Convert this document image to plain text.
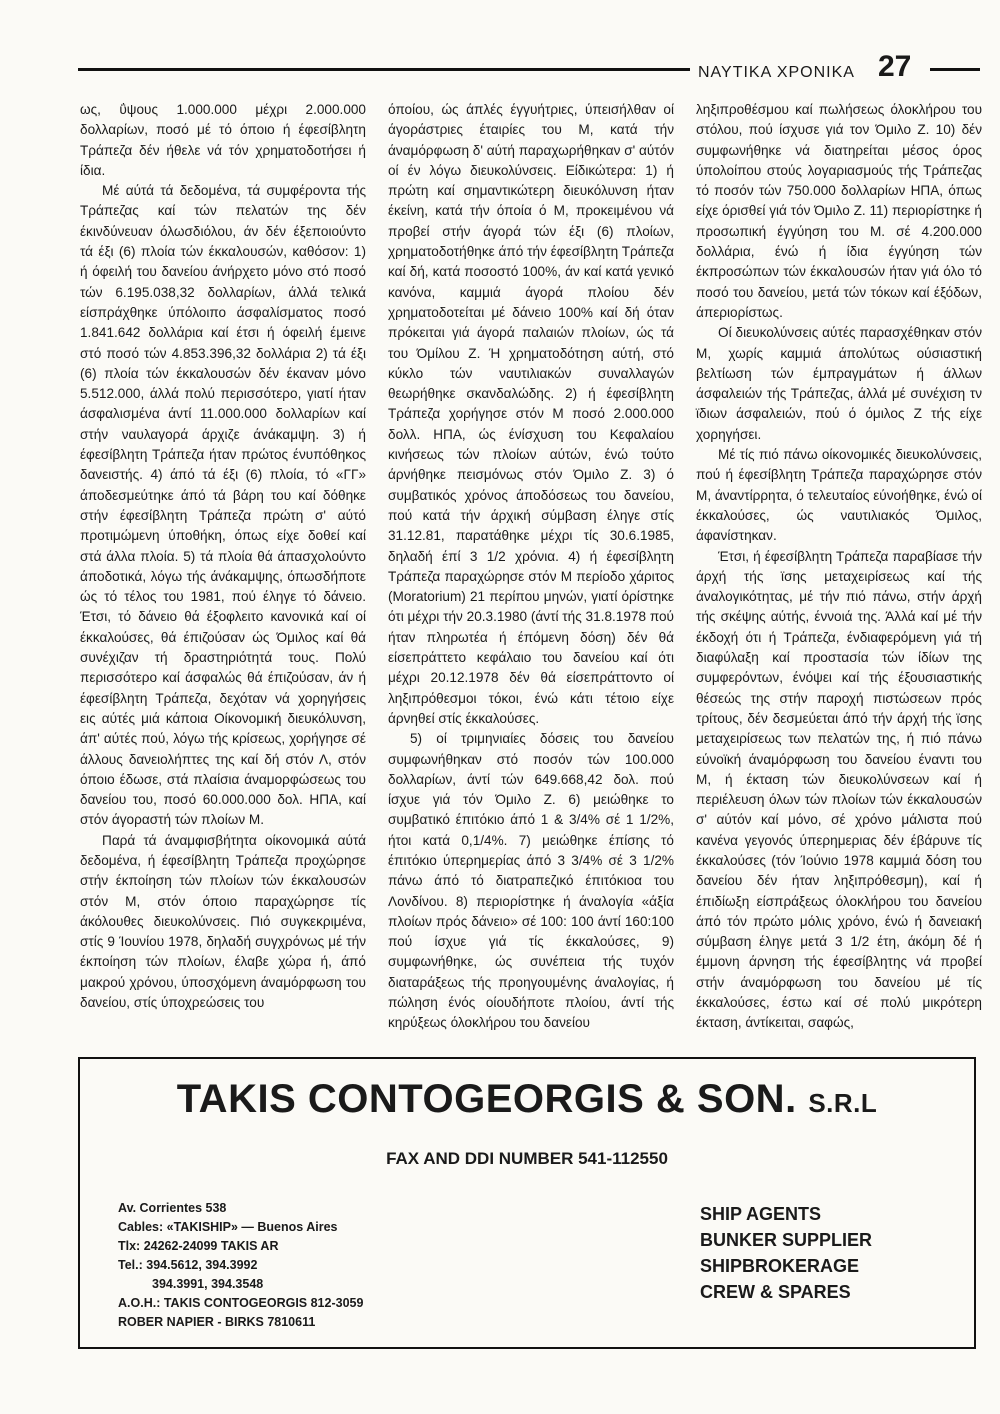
ΝΑΥΤΙΚΑ ΧΡΟΝΙΚΑ 27

ως, ΰψους 1.000.000 μέχρι 2.000.000 δολλαρίων, ποσό μέ τό όποιο ή έφεσίβλητη Τράπεζα δέν ήθελε νά τόν χρηματοδοτήσει ή ίδια.

Μέ αύτά τά δεδομένα, τά συμφέροντα τής Τράπεζας καί τών πελατών της δέν έκινδύνευαν όλωσδιόλου, άν δέν έξεποιούντο τά έξι (6) πλοία τών έκκαλουσών, καθόσον: 1) ή όφειλή του δανείου άνήρχετο μόνο στό ποσό τών 6.195.038,32 δολλαρίων, άλλά τελικά είσπράχθηκε ύπόλοιπο άσφαλίσματος ποσό 1.841.642 δολλάρια καί έτσι ή όφειλή έμεινε στό ποσό τών 4.853.396,32 δολλάρια 2) τά έξι (6) πλοία τών έκκαλουσών δέν έκαναν μόνο 5.512.000, άλλά πολύ περισσότερο, γιατί ήταν άσφαλισμένα άντί 11.000.000 δολλαρίων καί στήν ναυλαγορά άρχιζε άνάκαμψη. 3) ή έφεσίβλητη Τράπεζα ήταν πρώτος ένυπόθηκος δανειστής. 4) άπό τά έξι (6) πλοία, τό «ΓΓ» άποδεσμεύτηκε άπό τά βάρη του καί δόθηκε στήν έφεσίβλητη Τράπεζα πρώτη σ' αύτό προτιμώμενη ύποθήκη, όπως είχε δοθεί καί στά άλλα πλοία. 5) τά πλοία θά άπασχολούντο άποδοτικά, λόγω τής άνάκαμψης, όπωσδήποτε ώς τό τέλος του 1981, πού έληγε τό δάνειο. Έτσι, τό δάνειο θά έξοφλειτο κανονικά καί οί έκκαλούσες, θά έπιζούσαν ώς Όμιλος καί θά συνέχιζαν τή δραστηριότητά τους. Πολύ περισσότερο καί άσφαλώς θά έπιζούσαν, άν ή έφεσίβλητη Τράπεζα, δεχόταν νά χορηγήσεις εις αύτές μιά κάποια Οίκονομική διευκόλυνση, άπ' αύτές πού, λόγω τής κρίσεως, χορήγησε σέ άλλους δανειολήπτες της καί δή στόν Λ, στόν όποιο έδωσε, στά πλαίσια άναμορφώσεως του δανείου του, ποσό 60.000.000 δολ. ΗΠΑ, καί στόν άγοραστή τών πλοίων Μ.

Παρά τά άναμφισβήτητα οίκονομικά αύτά δεδομένα, ή έφεσίβλητη Τράπεζα προχώρησε στήν έκποίηση τών πλοίων τών έκκαλουσών στόν Μ, στόν όποιο παραχώρησε τίς άκόλουθες διευκολύνσεις. Πιό συγκεκριμένα, στίς 9 Ίουνίου 1978, δηλαδή συγχρόνως μέ τήν έκποίηση τών πλοίων, έλαβε χώρα ή, άπό μακρού χρόνου, ύποσχόμενη άναμόρφωση του δανείου, στίς ύποχρεώσεις του

όποίου, ώς άπλές έγγυήτριες, ύπεισήλθαν οί άγοράστριες έταιρίες του Μ, κατά τήν άναμόρφωση δ' αύτή παραχωρήθηκαν σ' αύτόν οί έν λόγω διευκολύνσεις. Είδικώτερα: 1) ή πρώτη καί σημαντικώτερη διευκόλυνση ήταν έκείνη, κατά τήν όποία ό Μ, προκειμένου νά προβεί στήν άγορά τών έξι (6) πλοίων, χρηματοδοτήθηκε άπό τήν έφεσίβλητη Τράπεζα καί δή, κατά ποσοστό 100%, άν καί κατά γενικό κανόνα, καμμιά άγορά πλοίου δέν χρηματοδοτείται μέ δάνειο 100% καί δή όταν πρόκειται γιά άγορά παλαιών πλοίων, ώς τά του Όμίλου Ζ. Ή χρηματοδότηση αύτή, στό κύκλο τών ναυτιλιακών συναλλαγών θεωρήθηκε σκανδαλώδης. 2) ή έφεσίβλητη Τράπεζα χορήγησε στόν Μ ποσό 2.000.000 δολλ. ΗΠΑ, ώς ένίσχυση του Κεφαλαίου κινήσεως τών πλοίων αύτών, ένώ τούτο άρνήθηκε πεισμόνως στόν Όμιλο Ζ. 3) ό συμβατικός χρόνος άποδόσεως του δανείου, πού κατά τήν άρχική σύμβαση έληγε στίς 31.12.81, παρατάθηκε μέχρι τίς 30.6.1985, δηλαδή έπί 3 1/2 χρόνια. 4) ή έφεσίβλητη Τράπεζα παραχώρησε στόν Μ περίοδο χάριτος (Moratorium) 21 περίπου μηνών, γιατί όρίστηκε ότι μέχρι τήν 20.3.1980 (άντί τής 31.8.1978 πού ήταν πληρωτέα ή έπόμενη δόση) δέν θά είσεπράττετο κεφάλαιο του δανείου καί ότι μέχρι 20.12.1978 δέν θά είσεπράττοντο οί ληξιπρόθεσμοι τόκοι, ένώ κάτι τέτοιο είχε άρνηθεί στίς έκκαλούσες.

5) οί τριμηνιαίες δόσεις του δανείου συμφωνήθηκαν στό ποσόν τών 100.000 δολλαρίων, άντί τών 649.668,42 δολ. πού ίσχυε γιά τόν Όμιλο Ζ. 6) μειώθηκε το συμβατικό έπιτόκιο άπό 1 & 3/4% σέ 1 1/2%, ήτοι κατά 0,1/4%. 7) μειώθηκε έπίσης τό έπιτόκιο ύπερημερίας άπό 3 3/4% σέ 3 1/2% πάνω άπό τό διατραπεζικό έπιτόκιοα του Λονδίνου. 8) περιορίστηκε ή άναλογία «άξία πλοίων πρός δάνειο» σέ 100: 100 άντί 160:100 πού ίσχυε γιά τίς έκκαλούσες, 9) συμφωνήθηκε, ώς συνέπεια τής τυχόν διαταράξεως τής προηγουμένης άναλογίας, ή πώληση ένός οίουδήποτε πλοίου, άντί τής κηρύξεως όλοκλήρου του δανείου

ληξιπροθέσμου καί πωλήσεως όλοκλήρου του στόλου, πού ίσχυσε γιά τον Όμιλο Ζ. 10) δέν συμφωνήθηκε νά διατηρείται μέσος όρος ύπολοίπου στούς λογαριασμούς τής Τράπεζας τό ποσόν τών 750.000 δολλαρίων ΗΠΑ, όπως είχε όρισθεί γιά τόν Όμιλο Ζ. 11) περιορίστηκε ή προσωπική έγγύηση του Μ. σέ 4.200.000 δολλάρια, ένώ ή ίδια έγγύηση τών έκπροσώπων τών έκκαλουσών ήταν γιά όλο τό ποσό του δανείου, μετά τών τόκων καί έξόδων, άπεριορίστως.

Οί διευκολύνσεις αύτές παρασχέθηκαν στόν Μ, χωρίς καμμιά άπολύτως ούσιαστική βελτίωση τών έμπραγμάτων ή άλλων άσφαλειών τής Τράπεζας, άλλά μέ συνέχιση τν ϊδιων άσφαλειών, πού ό όμιλος Ζ τής είχε χορηγήσει.

Μέ τίς πιό πάνω οίκονομικές διευκολύνσεις, πού ή έφεσίβλητη Τράπεζα παραχώρησε στόν Μ, άναντίρρητα, ό τελευταίος εύνοήθηκε, ένώ οί έκκαλούσες, ώς ναυτιλιακός Όμιλος, άφανίστηκαν.

Έτσι, ή έφεσίβλητη Τράπεζα παραβίασε τήν άρχή τής ϊσης μεταχειρίσεως καί τής άναλογικότητας, μέ τήν πιό πάνω, στήν άρχή τής σκέψης αύτής, έννοιά της. Άλλά καί μέ τήν έκδοχή ότι ή Τράπεζα, ένδιαφερόμενη γιά τή διαφύλαξη καί προστασία τών ίδίων της συμφερόντων, ένόψει καί τής έξουσιαστικής θέσεώς της στήν παροχή πιστώσεων πρός τρίτους, δέν δεσμεύεται άπό τήν άρχή τής ϊσης μεταχειρίσεως των πελατών της, ή πιό πάνω εύνοϊκή άναμόρφωση του δανείου έναντι του Μ, ή έκταση τών διευκολύνσεων καί ή περιέλευση όλων τών πλοίων τών έκκαλουσών σ' αύτόν καί μόνο, σέ χρόνο μάλιστα πού κανένα γεγονός ύπερημεριας δέν έβάρυνε τίς έκκαλούσες (τόν Ίούνιο 1978 καμμιά δόση του δανείου δέν ήταν ληξιπρόθεσμη), καί ή έπιδίωξη είσπράξεως όλοκλήρου του δανείου άπό τόν πρώτο μόλις χρόνο, ένώ ή δανειακή σύμβαση έληγε μετά 3 1/2 έτη, άκόμη δέ ή έμμονη άρνηση τής έφεσίβλητης νά προβεί στήν άναμόρφωση του δανείου μέ τίς έκκαλούσες, έστω καί σέ πολύ μικρότερη έκταση, άντίκειται, σαφώς,

TAKIS CONTOGEORGIS & SON. S.R.L
FAX AND DDI NUMBER 541-112550
Av. Corrientes 538
Cables: «TAKISHIP» — Buenos Aires
Tlx: 24262-24099 TAKIS AR
Tel.: 394.5612, 394.3992
394.3991, 394.3548
A.O.H.: TAKIS CONTOGEORGIS 812-3059
ROBER NAPIER - BIRKS 7810611
SHIP AGENTS
BUNKER SUPPLIER
SHIPBROKERAGE
CREW & SPARES
